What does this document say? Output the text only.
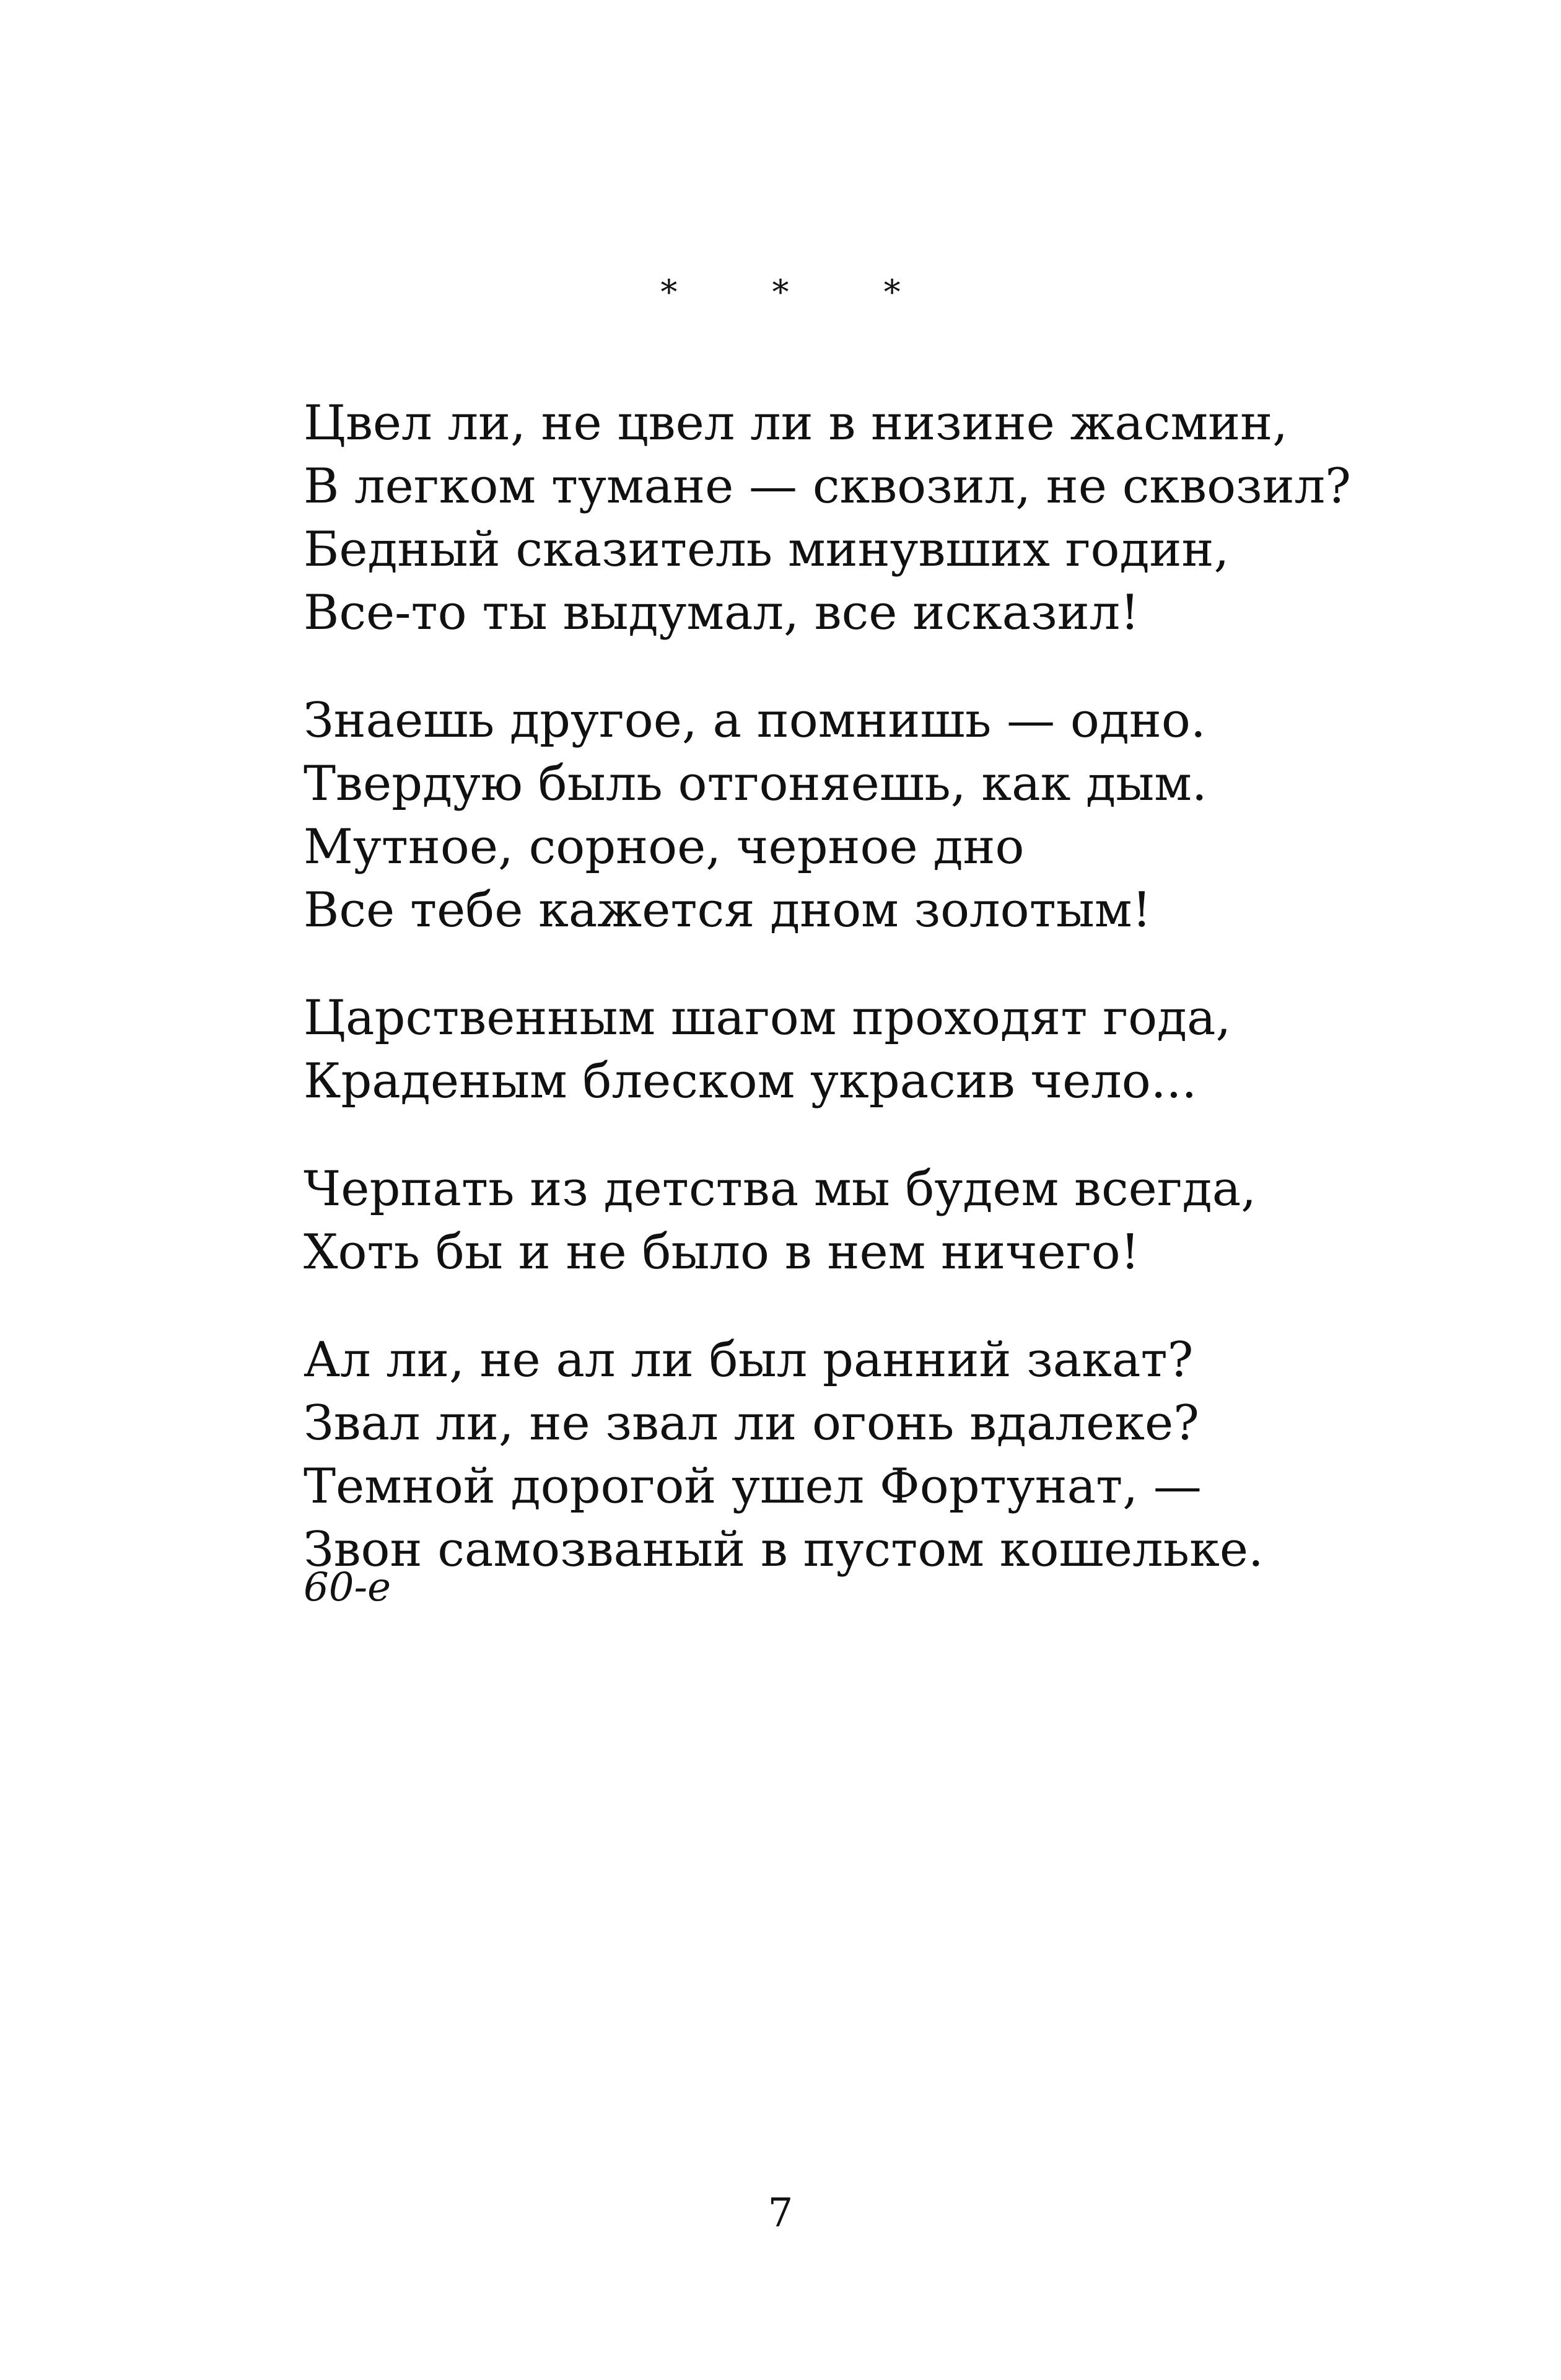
* * *
Цвел ли, не цвел ли в низине жасмин,
В легком тумане — сквозил, не сквозил?
Бедный сказитель минувших годин,
Все-то ты выдумал, все исказил!
Знаешь другое, а помнишь — одно.
Твердую быль отгоняешь, как дым.
Мутное, сорное, черное дно
Все тебе кажется дном золотым!
Царственным шагом проходят года,
Краденым блеском украсив чело...
Черпать из детства мы будем всегда,
Хоть бы и не было в нем ничего!
Ал ли, не ал ли был ранний закат?
Звал ли, не звал ли огонь вдалеке?
Темной дорогой ушел Фортунат, —
Звон самозваный в пустом кошельке.
60-е
7
